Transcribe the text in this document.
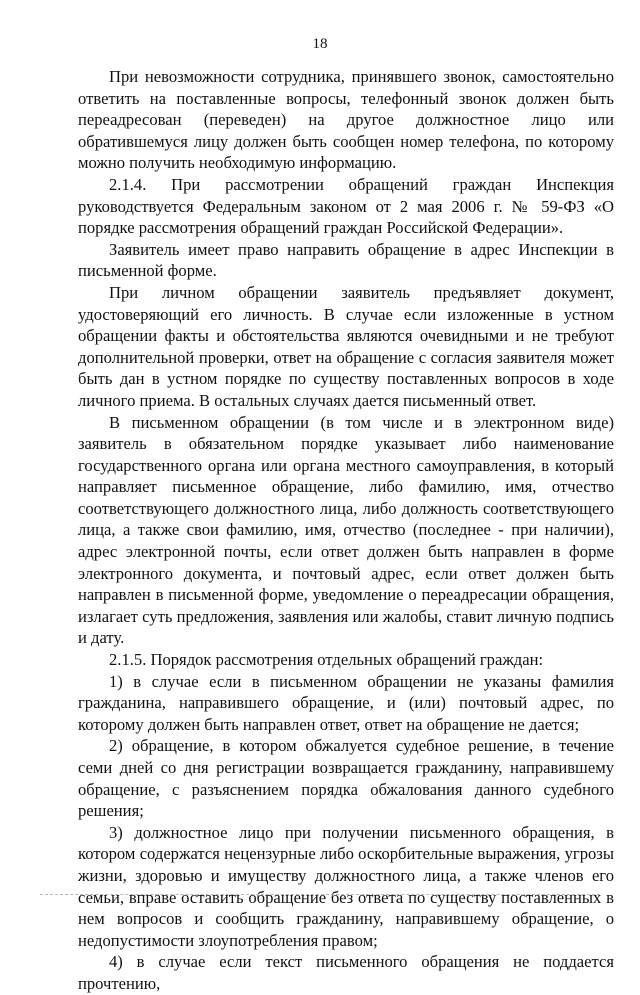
18

При невозможности сотрудника, принявшего звонок, самостоятельно ответить на поставленные вопросы, телефонный звонок должен быть переадресован (переведен) на другое должностное лицо или обратившемуся лицу должен быть сообщен номер телефона, по которому можно получить необходимую информацию.

2.1.4. При рассмотрении обращений граждан Инспекция руководствуется Федеральным законом от 2 мая 2006 г. № 59-ФЗ «О порядке рассмотрения обращений граждан Российской Федерации».

Заявитель имеет право направить обращение в адрес Инспекции в письменной форме.

При личном обращении заявитель предъявляет документ, удостоверяющий его личность. В случае если изложенные в устном обращении факты и обстоятельства являются очевидными и не требуют дополнительной проверки, ответ на обращение с согласия заявителя может быть дан в устном порядке по существу поставленных вопросов в ходе личного приема. В остальных случаях дается письменный ответ.

В письменном обращении (в том числе и в электронном виде) заявитель в обязательном порядке указывает либо наименование государственного органа или органа местного самоуправления, в который направляет письменное обращение, либо фамилию, имя, отчество соответствующего должностного лица, либо должность соответствующего лица, а также свои фамилию, имя, отчество (последнее - при наличии), адрес электронной почты, если ответ должен быть направлен в форме электронного документа, и почтовый адрес, если ответ должен быть направлен в письменной форме, уведомление о переадресации обращения, излагает суть предложения, заявления или жалобы, ставит личную подпись и дату.

2.1.5. Порядок рассмотрения отдельных обращений граждан:

1) в случае если в письменном обращении не указаны фамилия гражданина, направившего обращение, и (или) почтовый адрес, по которому должен быть направлен ответ, ответ на обращение не дается;

2) обращение, в котором обжалуется судебное решение, в течение семи дней со дня регистрации возвращается гражданину, направившему обращение, с разъяснением порядка обжалования данного судебного решения;

3) должностное лицо при получении письменного обращения, в котором содержатся нецензурные либо оскорбительные выражения, угрозы жизни, здоровью и имуществу должностного лица, а также членов его семьи, вправе оставить обращение без ответа по существу поставленных в нем вопросов и сообщить гражданину, направившему обращение, о недопустимости злоупотребления правом;

4) в случае если текст письменного обращения не поддается прочтению,
